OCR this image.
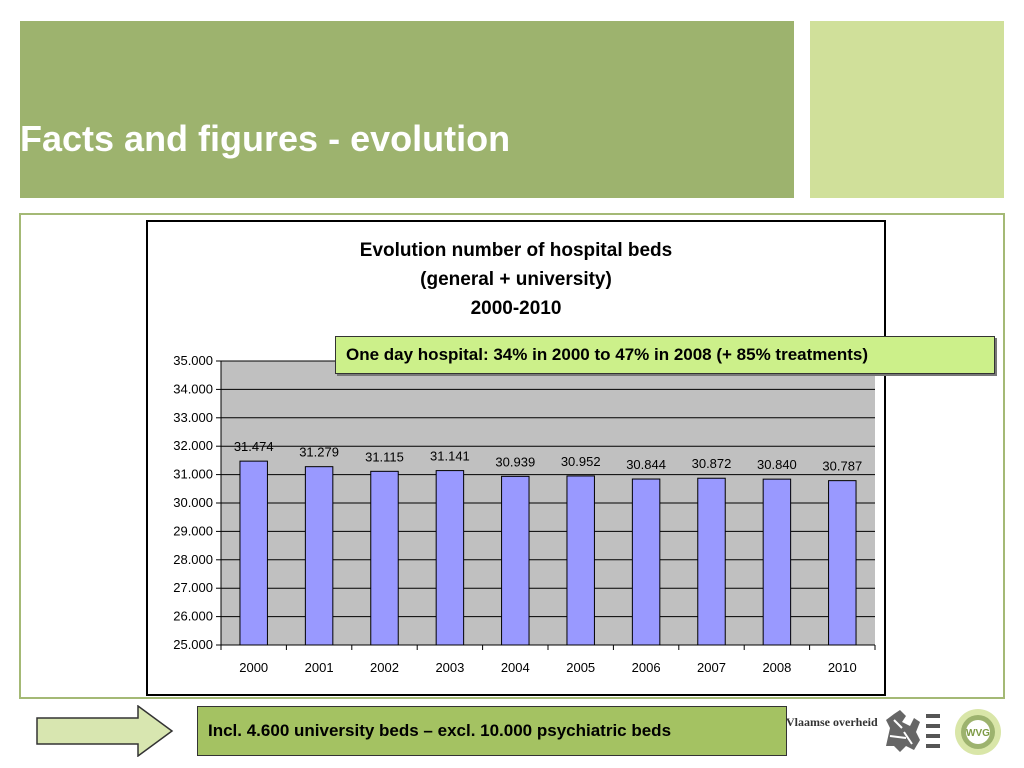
Facts and figures - evolution
Evolution number of hospital beds
(general + university)
2000-2010
25.000
26.000
27.000
28.000
29.000
30.000
31.000
32.000
33.000
34.000
35.000
31.474
2000
31.279
2001
31.115
2002
31.141
2003
30.939
2004
30.952
2005
30.844
2006
30.872
2007
30.840
2008
30.787
2010
One day hospital: 34% in 2000 to 47% in 2008 (+ 85% treatments)
Incl. 4.600 university beds – excl. 10.000 psychiatric beds	Vlaamse overheid
WVG
